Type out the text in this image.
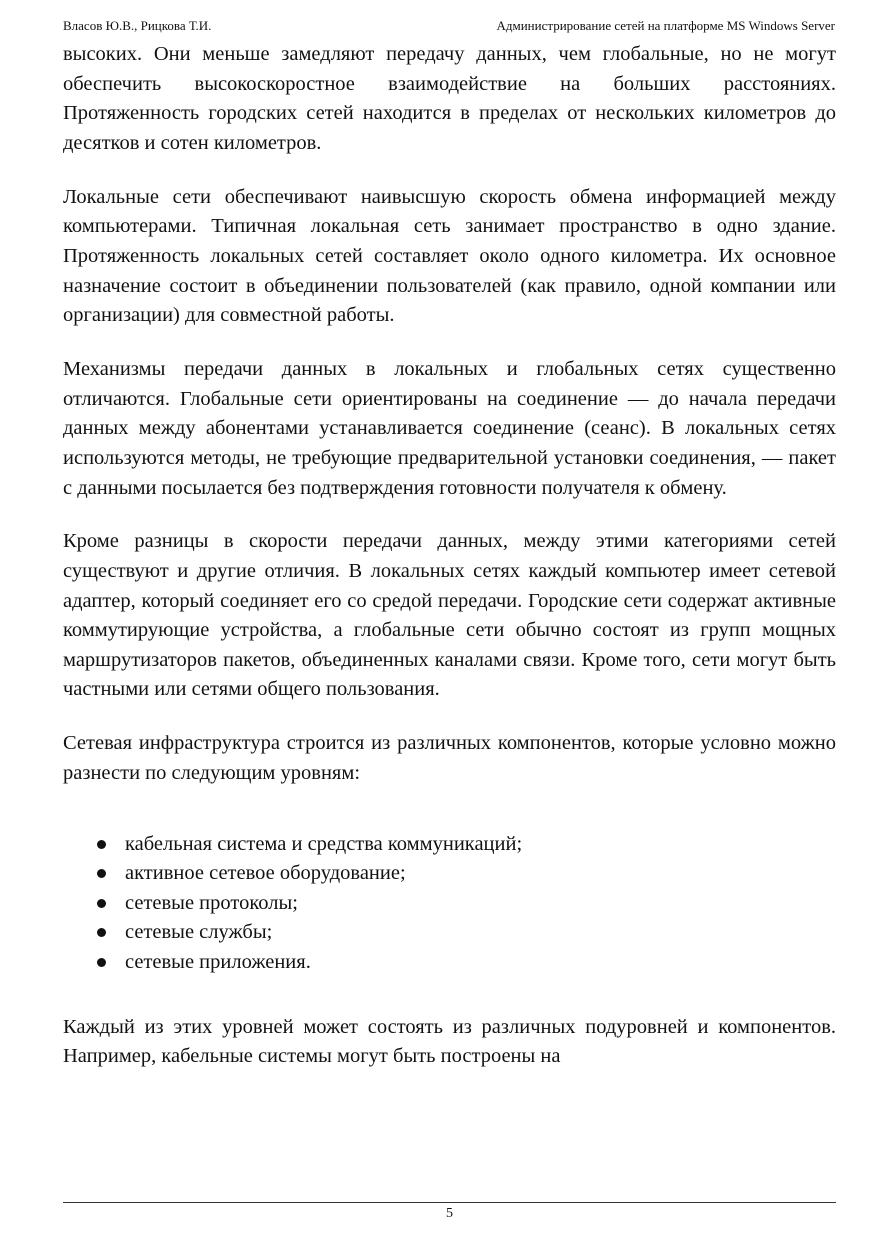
Власов Ю.В., Рицкова Т.И.	Администрирование сетей на платформе MS Windows Server

высоких. Они меньше замедляют передачу данных, чем глобальные, но не могут обеспечить высокоскоростное взаимодействие на больших расстояниях. Протяженность городских сетей находится в пределах от нескольких километров до десятков и сотен километров.

Локальные сети обеспечивают наивысшую скорость обмена информацией между компьютерами. Типичная локальная сеть занимает пространство в одно здание. Протяженность локальных сетей составляет около одного километра. Их основное назначение состоит в объединении пользователей (как правило, одной компании или организации) для совместной работы.

Механизмы передачи данных в локальных и глобальных сетях существенно отличаются. Глобальные сети ориентированы на соединение — до начала передачи данных между абонентами устанавливается соединение (сеанс). В локальных сетях используются методы, не требующие предварительной установки соединения, — пакет с данными посылается без подтверждения готовности получателя к обмену.

Кроме разницы в скорости передачи данных, между этими категориями сетей существуют и другие отличия. В локальных сетях каждый компьютер имеет сетевой адаптер, который соединяет его со средой передачи. Городские сети содержат активные коммутирующие устройства, а глобальные сети обычно состоят из групп мощных маршрутизаторов пакетов, объединенных каналами связи. Кроме того, сети могут быть частными или сетями общего пользования.

Сетевая инфраструктура строится из различных компонентов, которые условно можно разнести по следующим уровням:

кабельная система и средства коммуникаций;
активное сетевое оборудование;
сетевые протоколы;
сетевые службы;
сетевые приложения.

Каждый из этих уровней может состоять из различных подуровней и компонентов. Например, кабельные системы могут быть построены на

5
